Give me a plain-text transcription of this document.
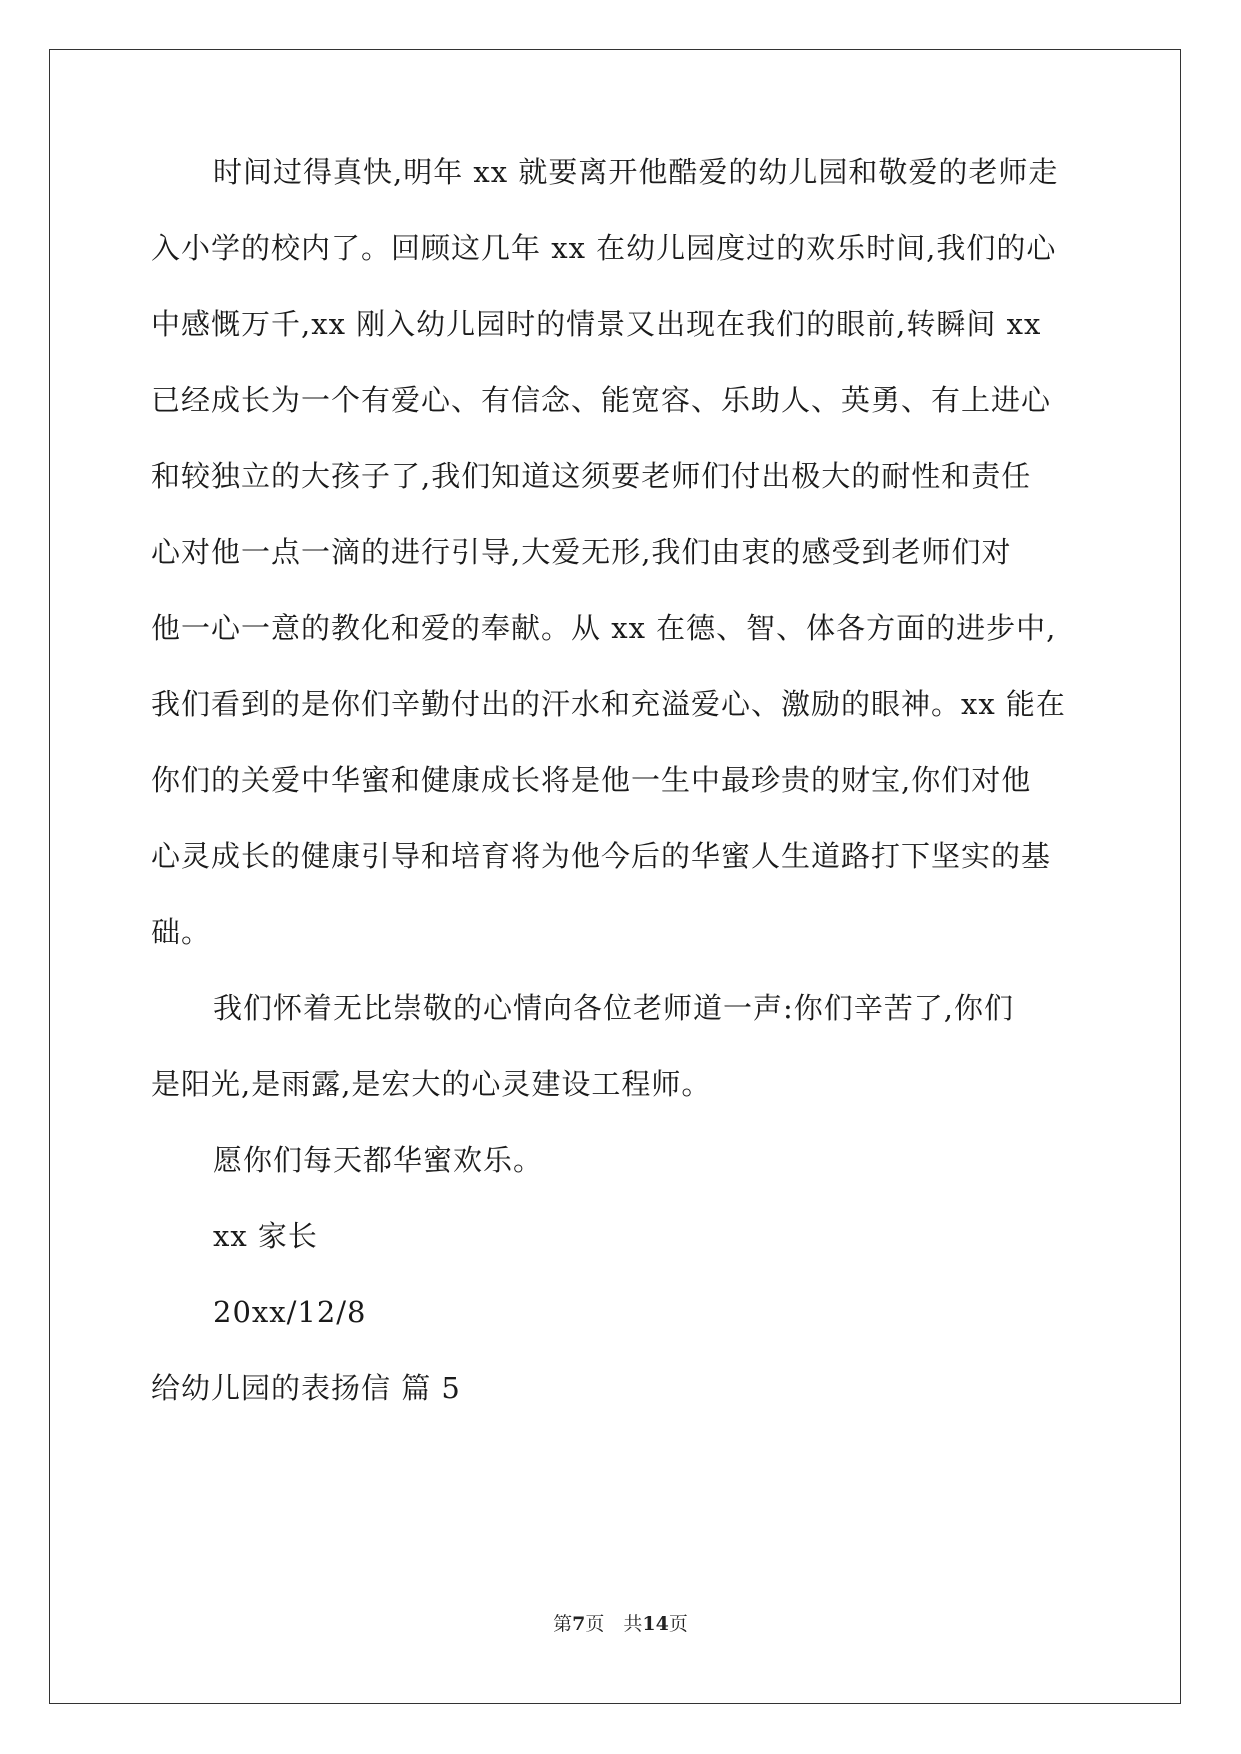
时间过得真快,明年 xx 就要离开他酷爱的幼儿园和敬爱的老师走
入小学的校内了。回顾这几年 xx 在幼儿园度过的欢乐时间,我们的心
中感慨万千,xx 刚入幼儿园时的情景又出现在我们的眼前,转瞬间 xx
已经成长为一个有爱心、有信念、能宽容、乐助人、英勇、有上进心
和较独立的大孩子了,我们知道这须要老师们付出极大的耐性和责任
心对他一点一滴的进行引导,大爱无形,我们由衷的感受到老师们对
他一心一意的教化和爱的奉献。从 xx 在德、智、体各方面的进步中,
我们看到的是你们辛勤付出的汗水和充溢爱心、激励的眼神。xx 能在
你们的关爱中华蜜和健康成长将是他一生中最珍贵的财宝,你们对他
心灵成长的健康引导和培育将为他今后的华蜜人生道路打下坚实的基
础。
我们怀着无比崇敬的心情向各位老师道一声:你们辛苦了,你们
是阳光,是雨露,是宏大的心灵建设工程师。
愿你们每天都华蜜欢乐。
xx 家长
20xx/12/8
给幼儿园的表扬信 篇 5
第7页　共14页
